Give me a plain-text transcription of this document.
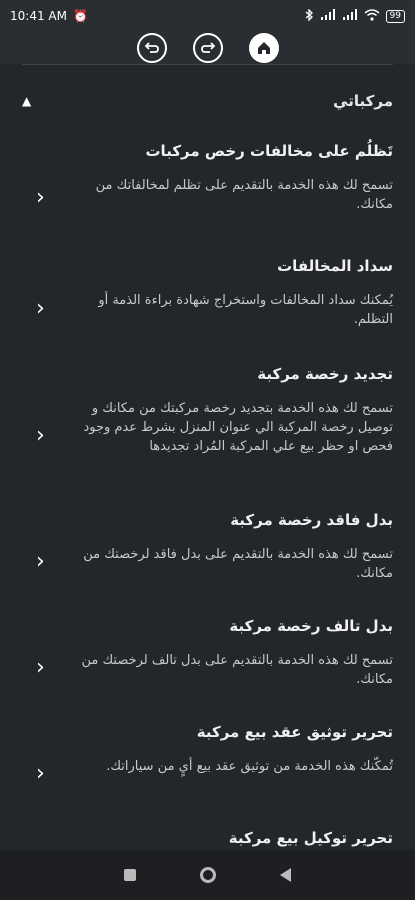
10:41 AM ⏰	99
▲	مركباتي
تَظلُم على مخالفات رخص مركبات
تسمح لك هذه الخدمة بالتقديم على تظلم لمخالفاتك من مكانك.
‹
سداد المخالفات
يُمكنك سداد المخالفات واستخراج شهادة براءة الذمة أو التظلم.
‹
تجديد رخصة مركبة
تسمح لك هذه الخدمة بتجديد رخصة مركبتك من مكانك و توصيل رخصة المركبة الي عنوان المنزل بشرط عدم وجود فحص او حظر بيع علي المركبة المُراد تجديدها
‹
بدل فاقد رخصة مركبة
تسمح لك هذه الخدمة بالتقديم على بدل فاقد لرخصتك من مكانك.
‹
بدل تالف رخصة مركبة
تسمح لك هذه الخدمة بالتقديم على بدل تالف لرخصتك من مكانك.
‹
تحرير توثيق عقد بيع مركبة
تُمكّنك هذه الخدمة من توثيق عقد بيع أيٍ من سياراتك.
‹
تحرير توكيل بيع مركبة
